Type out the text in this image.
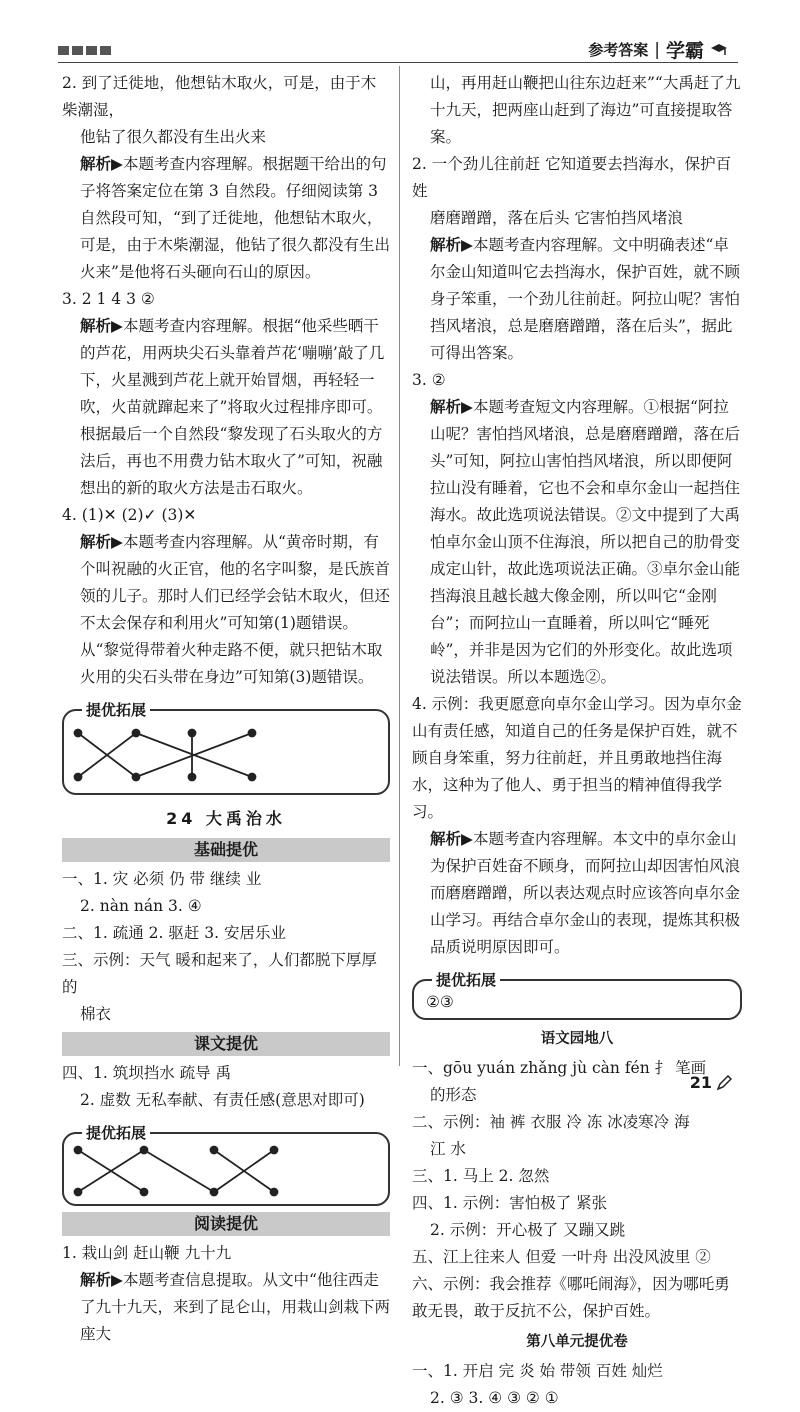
参考答案 | 学霸

2. 到了迁徙地，他想钻木取火，可是，由于木柴潮湿，

他钻了很久都没有生出火来

解析▶本题考查内容理解。根据题干给出的句子将答案定位在第 3 自然段。仔细阅读第 3 自然段可知，“到了迁徙地，他想钻木取火，可是，由于木柴潮湿，他钻了很久都没有生出火来”是他将石头砸向石山的原因。

3. 2 1 4 3 ②

解析▶本题考查内容理解。根据“他采些晒干的芦花，用两块尖石头靠着芦花‘嘣嘣’敲了几下，火星溅到芦花上就开始冒烟，再轻轻一吹，火苗就蹿起来了”将取火过程排序即可。根据最后一个自然段“黎发现了石头取火的方法后，再也不用费力钻木取火了”可知，祝融想出的新的取火方法是击石取火。

4. (1)✕ (2)✓ (3)✕

解析▶本题考查内容理解。从“黄帝时期，有个叫祝融的火正官，他的名字叫黎，是氏族首领的儿子。那时人们已经学会钻木取火，但还不太会保存和利用火”可知第(1)题错误。从“黎觉得带着火种走路不便，就只把钻木取火用的尖石头带在身边”可知第(3)题错误。

提优拓展
24 大禹治水
基础提优

一、1. 灾 必须 仍 带 继续 业

2. nàn nán 3. ④

二、1. 疏通 2. 驱赶 3. 安居乐业

三、示例：天气 暖和起来了，人们都脱下厚厚的

棉衣

课文提优

四、1. 筑坝挡水 疏导 禹

2. 虚数 无私奉献、有责任感(意思对即可)

提优拓展
阅读提优

1. 栽山剑 赶山鞭 九十九

解析▶本题考查信息提取。从文中“他往西走了九十九天，来到了昆仑山，用栽山剑栽下两座大

山，再用赶山鞭把山往东边赶来”“大禹赶了九十九天，把两座山赶到了海边”可直接提取答案。

2. 一个劲儿往前赶 它知道要去挡海水，保护百姓

磨磨蹭蹭，落在后头 它害怕挡风堵浪

解析▶本题考查内容理解。文中明确表述“卓尔金山知道叫它去挡海水，保护百姓，就不顾身子笨重，一个劲儿往前赶。阿拉山呢？害怕挡风堵浪，总是磨磨蹭蹭，落在后头”，据此可得出答案。

3. ②

解析▶本题考查短文内容理解。①根据“阿拉山呢？害怕挡风堵浪，总是磨磨蹭蹭，落在后头”可知，阿拉山害怕挡风堵浪，所以即便阿拉山没有睡着，它也不会和卓尔金山一起挡住海水。故此选项说法错误。②文中提到了大禹怕卓尔金山顶不住海浪，所以把自己的肋骨变成定山针，故此选项说法正确。③卓尔金山能挡海浪且越长越大像金刚，所以叫它“金刚台”；而阿拉山一直睡着，所以叫它“睡死岭”，并非是因为它们的外形变化。故此选项说法错误。所以本题选②。

4. 示例：我更愿意向卓尔金山学习。因为卓尔金山有责任感，知道自己的任务是保护百姓，就不顾自身笨重，努力往前赶，并且勇敢地挡住海水，这种为了他人、勇于担当的精神值得我学习。

解析▶本题考查内容理解。本文中的卓尔金山为保护百姓奋不顾身，而阿拉山却因害怕风浪而磨磨蹭蹭，所以表达观点时应该答向卓尔金山学习。再结合卓尔金山的表现，提炼其积极品质说明原因即可。

提优拓展

②③

语文园地八

一、gōu yuán zhǎng jù càn fén 扌 笔画

的形态

二、示例：袖 裤 衣服 冷 冻 冰凌寒冷 海

江 水

三、1. 马上 2. 忽然

四、1. 示例：害怕极了 紧张

2. 示例：开心极了 又蹦又跳

五、江上往来人 但爱 一叶舟 出没风波里 ②

六、示例：我会推荐《哪吒闹海》，因为哪吒勇敢无畏，敢于反抗不公，保护百姓。

第八单元提优卷

一、1. 开启 完 炎 始 带领 百姓 灿烂

2. ③ 3. ④ ③ ② ①

21
